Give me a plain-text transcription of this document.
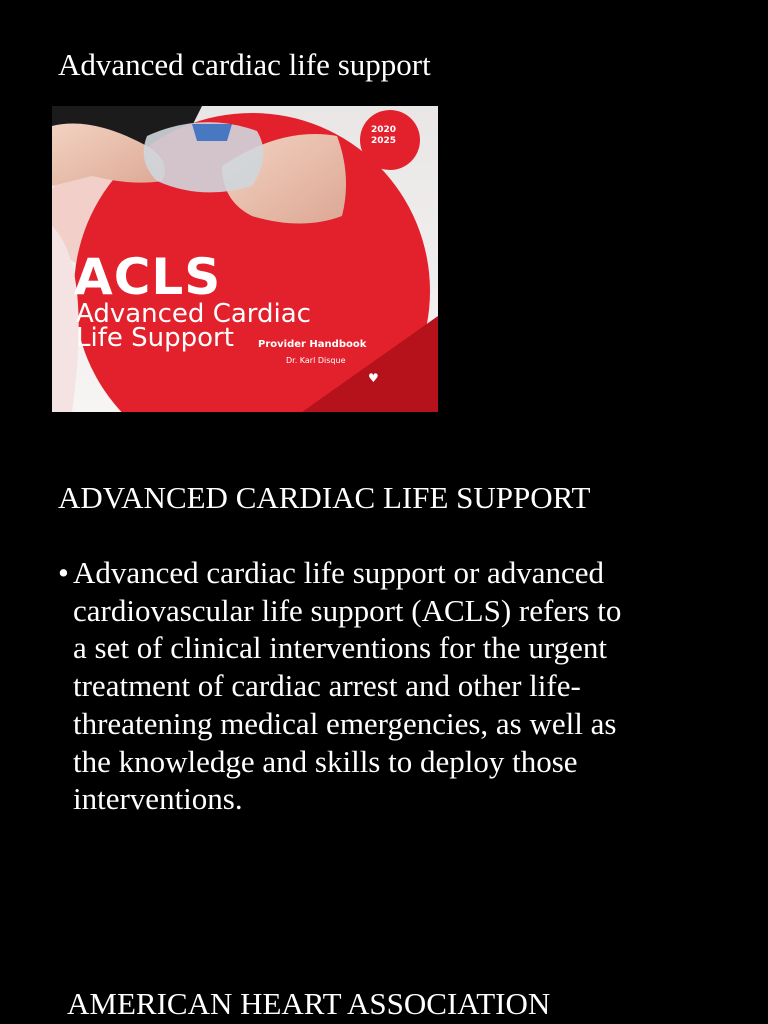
Advanced cardiac life support
2020
2025
ACLS
Advanced Cardiac
Life Support Provider Handbook
Dr. Karl Disque
♥
ADVANCED CARDIAC LIFE SUPPORT
• Advanced cardiac life support or advanced
cardiovascular life support (ACLS) refers to
a set of clinical interventions for the urgent
treatment of cardiac arrest and other life-
threatening medical emergencies, as well as
the knowledge and skills to deploy those
interventions.
AMERICAN HEART ASSOCIATION
